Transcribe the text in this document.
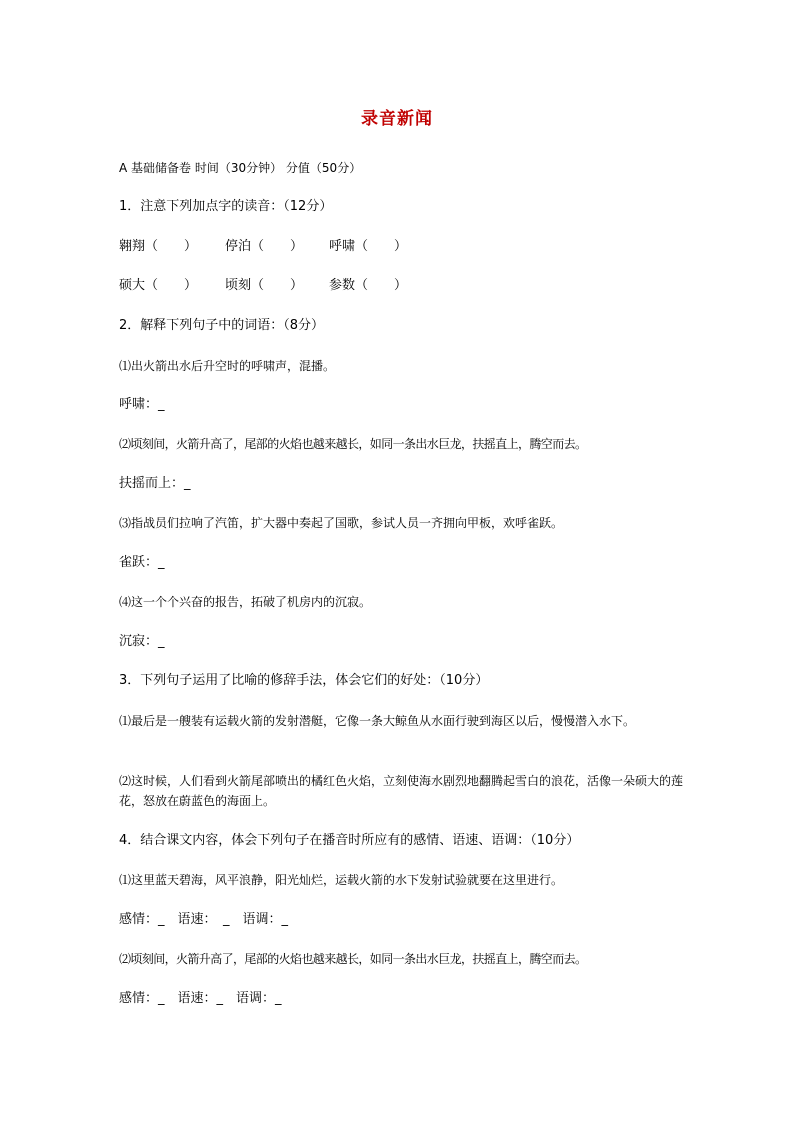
录音新闻
A 基础储备卷 时间（30分钟） 分值（50分）
1．注意下列加点字的读音：（12分）
翱翔（　　） 停泊（　　） 呼啸（　　）
硕大（　　） 顷刻（　　） 参数（　　）
2．解释下列句子中的词语：（8分）
⑴出火箭出水后升空时的呼啸声，混播。
呼啸：_
⑵顷刻间，火箭升高了，尾部的火焰也越来越长，如同一条出水巨龙，扶摇直上，腾空而去。
扶摇而上：_
⑶指战员们拉响了汽笛，扩大器中奏起了国歌，参试人员一齐拥向甲板，欢呼雀跃。
雀跃：_
⑷这一个个兴奋的报告，拓破了机房内的沉寂。
沉寂：_
3．下列句子运用了比喻的修辞手法，体会它们的好处：（10分）
⑴最后是一艘装有运载火箭的发射潜艇，它像一条大鲸鱼从水面行驶到海区以后，慢慢潜入水下。
⑵这时候，人们看到火箭尾部喷出的橘红色火焰，立刻使海水剧烈地翻腾起雪白的浪花，活像一朵硕大的莲花，怒放在蔚蓝色的海面上。
4．结合课文内容，体会下列句子在播音时所应有的感情、语速、语调：（10分）
⑴这里蓝天碧海，风平浪静，阳光灿烂，运载火箭的水下发射试验就要在这里进行。
感情：_　语速：　_　语调：_
⑵顷刻间，火箭升高了，尾部的火焰也越来越长，如同一条出水巨龙，扶摇直上，腾空而去。
感情：_　语速：_　语调：_
